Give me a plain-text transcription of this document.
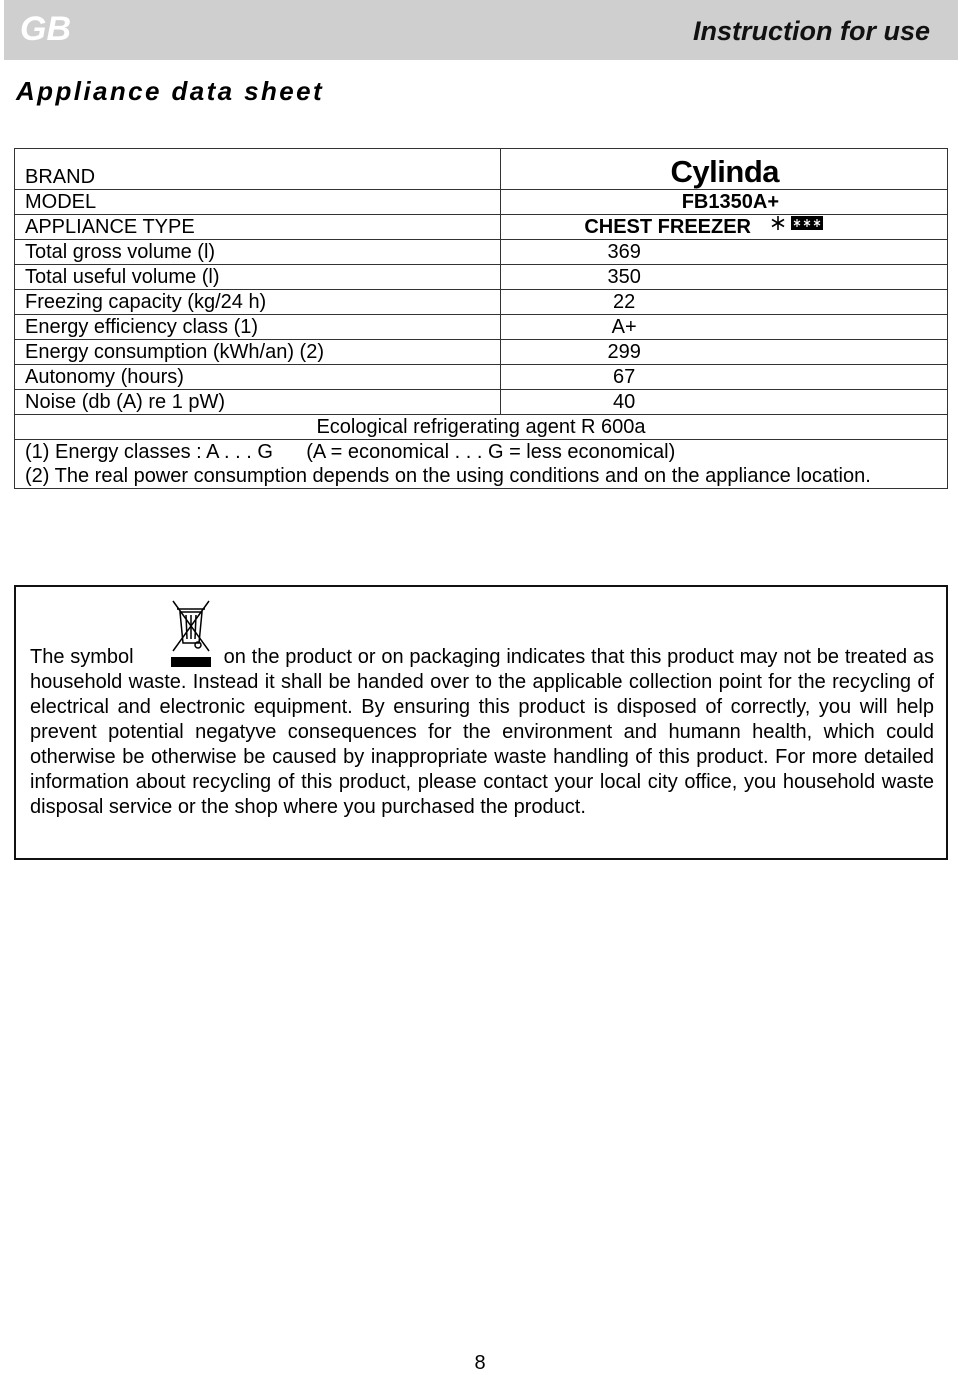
GB	Instruction for use
Appliance data sheet
BRAND	Cylinda
MODEL	FB1350A+
APPLIANCE TYPE	CHEST FREEZER
Total gross volume (l)	369
Total useful volume (l)	350
Freezing capacity (kg/24 h)	22
Energy efficiency class (1)	A+
Energy consumption (kWh/an) (2)	299
Autonomy (hours)	67
Noise (db (A) re 1 pW)	40
Ecological refrigerating agent R 600a	

(1) Energy classes : A . . . G      (A = economical . . . G = less economical)
(2) The real power consumption depends on the using conditions and on the appliance location.	
The symbol	on the product or on packaging indicates that this product may not be treated as household waste. Instead it shall be handed over to the applicable collection point for the recycling of electrical and electronic equipment. By ensuring this product is disposed of correctly, you will help prevent potential negatyve consequences for the environment and humann health, which could otherwise be otherwise be caused by inappropriate waste handling of this product. For more detailed information about recycling of this product, please contact your local city office, you household waste disposal service or the shop where you purchased the product.
8
